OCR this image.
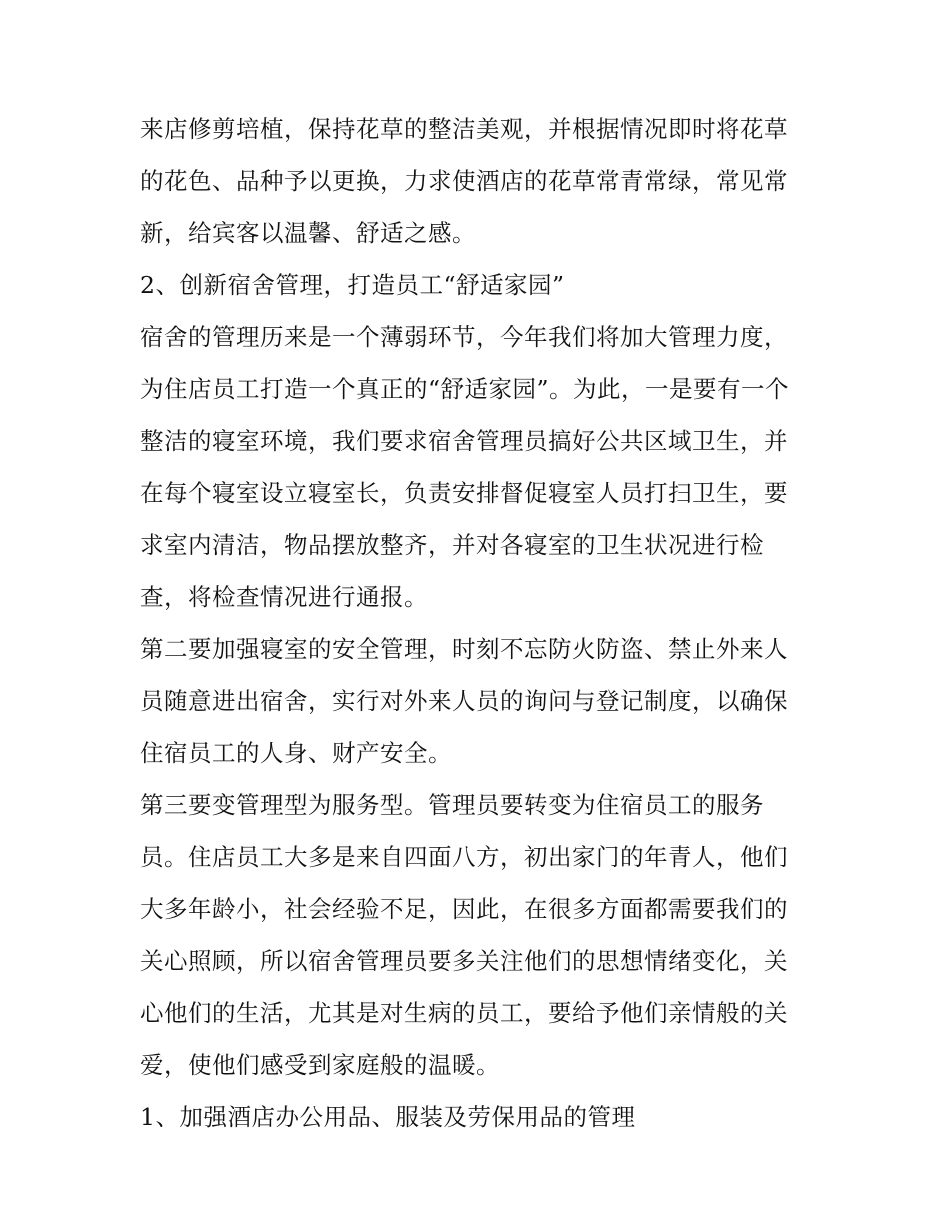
来店修剪培植，保持花草的整洁美观，并根据情况即时将花草
的花色、品种予以更换，力求使酒店的花草常青常绿，常见常
新，给宾客以温馨、舒适之感。
2、创新宿舍管理，打造员工“舒适家园”
宿舍的管理历来是一个薄弱环节，今年我们将加大管理力度，
为住店员工打造一个真正的“舒适家园”。为此，一是要有一个
整洁的寝室环境，我们要求宿舍管理员搞好公共区域卫生，并
在每个寝室设立寝室长，负责安排督促寝室人员打扫卫生，要
求室内清洁，物品摆放整齐，并对各寝室的卫生状况进行检
查，将检查情况进行通报。
第二要加强寝室的安全管理，时刻不忘防火防盗、禁止外来人
员随意进出宿舍，实行对外来人员的询问与登记制度，以确保
住宿员工的人身、财产安全。
第三要变管理型为服务型。管理员要转变为住宿员工的服务
员。住店员工大多是来自四面八方，初出家门的年青人，他们
大多年龄小，社会经验不足，因此，在很多方面都需要我们的
关心照顾，所以宿舍管理员要多关注他们的思想情绪变化，关
心他们的生活，尤其是对生病的员工，要给予他们亲情般的关
爱，使他们感受到家庭般的温暖。
1、加强酒店办公用品、服装及劳保用品的管理
